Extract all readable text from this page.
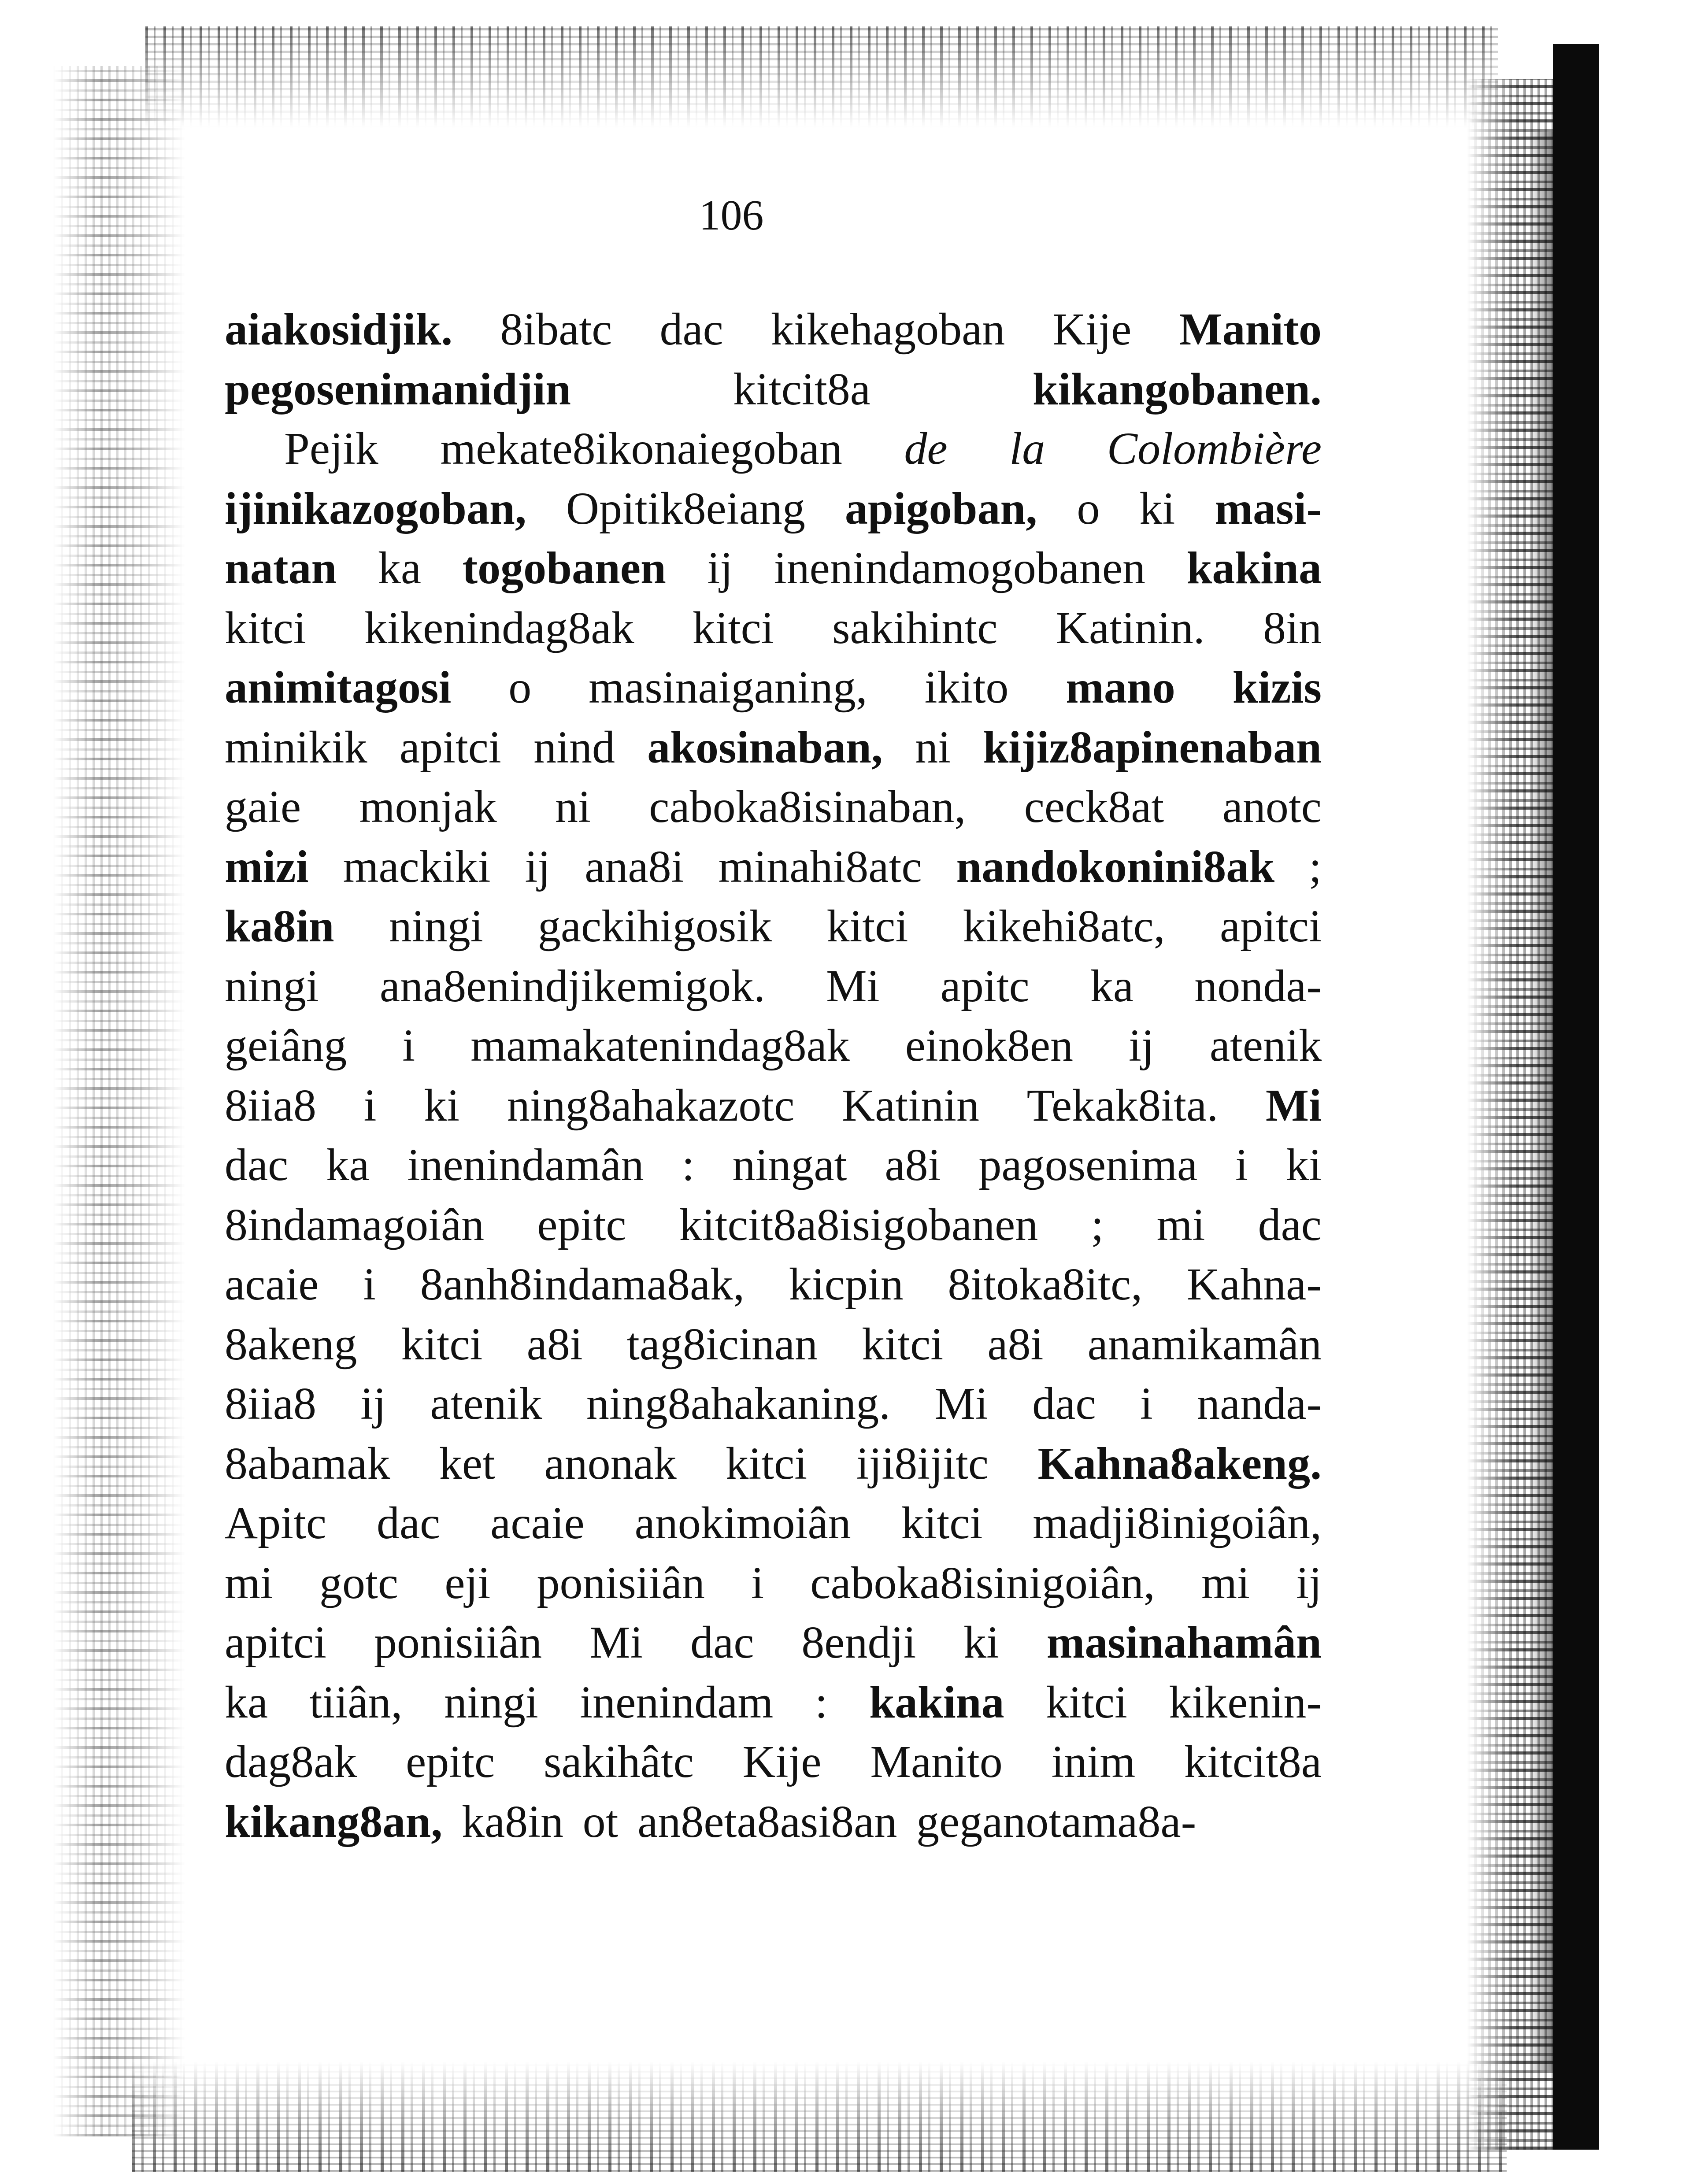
106
aiakosidjik. 8ibatc dac kikehagoban Kije Manito
pegosenimanidjin	kitcit8a	kikangobanen.
Pejik mekate8ikonaiegoban de la Colombière
ijinikazogoban, Opitik8eiang apigoban, o ki masi-
natan ka togobanen ij inenindamogobanen kakina
kitci kikenindag8ak kitci sakihintc Katinin. 8in
animitagosi o masinaiganing, ikito mano kizis
minikik apitci nind akosinaban, ni kijiz8apinenaban
gaie monjak ni caboka8isinaban, ceck8at anotc
mizi mackiki ij ana8i minahi8atc nandokonini8ak ;
ka8in ningi gackihigosik kitci kikehi8atc, apitci
ningi ana8enindjikemigok. Mi apitc ka nonda-
geiâng i mamakatenindag8ak einok8en ij atenik
8iia8 i ki ning8ahakazotc Katinin Tekak8ita. Mi
dac ka inenindamân : ningat a8i pagosenima i ki
8indamagoiân epitc kitcit8a8isigobanen ; mi dac
acaie i 8anh8indama8ak, kicpin 8itoka8itc, Kahna-
8akeng kitci a8i tag8icinan kitci a8i anamikamân
8iia8 ij atenik ning8ahakaning. Mi dac i nanda-
8abamak ket anonak kitci iji8ijitc Kahna8akeng.
Apitc dac acaie anokimoiân kitci madji8inigoiân,
mi gotc eji ponisiiân i caboka8isinigoiân, mi ij
apitci ponisiiân Mi dac 8endji ki masinahamân
ka tiiân, ningi inenindam : kakina kitci kikenin-
dag8ak epitc sakihâtc Kije Manito inim kitcit8a
kikang8an, ka8in ot an8eta8asi8an geganotama8a-
